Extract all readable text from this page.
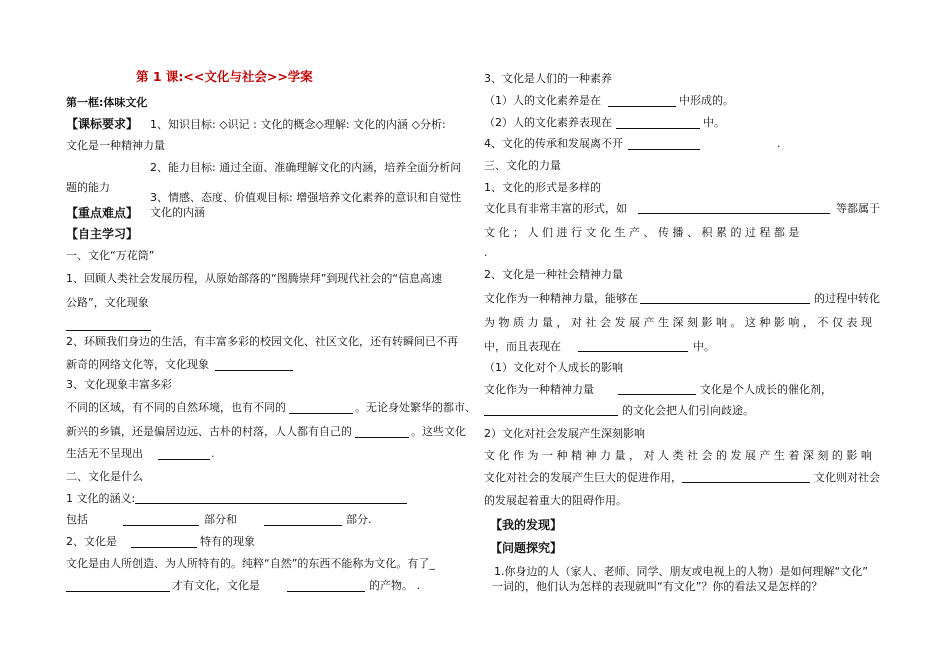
第 1 课:<<文化与社会>>学案
第一框:体味文化
【课标要求】 1、知识目标: ◇识记 : 文化的概念◇理解: 文化的内涵 ◇分析:
文化是一种精神力量
2、能力目标: 通过全面、准确理解文化的内涵，培养全面分析问
题的能力
3、情感、态度、价值观目标: 增强培养文化素养的意识和自觉性
【重点难点】 文化的内涵
【自主学习】
一、文化“万花筒”
1、回顾人类社会发展历程，从原始部落的“图腾崇拜”到现代社会的“信息高速
公路”，文化现象
2、环顾我们身边的生活，有丰富多彩的校园文化、社区文化，还有转瞬间已不再
新奇的网络文化等，文化现象
3、文化现象丰富多彩
不同的区域，有不同的自然环境，也有不同的	。无论身处繁华的都市、
新兴的乡镇，还是偏居边远、古朴的村落，人人都有自己的	。这些文化
生活无不呈现出	.
二、文化是什么
1 文化的涵义:
包括	部分和	部分.
2、文化是	特有的现象
文化是由人所创造、为人所特有的。纯粹“自然”的东西不能称为文化。有了_
才有文化，文化是	的产物。 .
3、文化是人们的一种素养
（1）人的文化素养是在	中形成的。
（2）人的文化素养表现在	中。
4、文化的传承和发展离不开	.
三、文化的力量
1、文化的形式是多样的
文化具有非常丰富的形式，如	等都属于
文 化 ； 人 们 进 行 文 化 生 产 、 传 播 、 积 累 的 过 程 都 是
.
2、文化是一种社会精神力量
文化作为一种精神力量，能够在	的过程中转化
为 物 质 力 量 ， 对 社 会 发 展 产 生 深 刻 影 响 。 这 种 影 响 ， 不 仅 表 现
中，而且表现在	中。
（1）文化对个人成长的影响
文化作为一种精神力量	文化是个人成长的催化剂，
的文化会把人们引向歧途。
2）文化对社会发展产生深刻影响
文 化 作 为 一 种 精 神 力 量 ， 对 人 类 社 会 的 发 展 产 生 着 深 刻 的 影 响
文化对社会的发展产生巨大的促进作用，	文化则对社会
的发展起着重大的阻碍作用。
【我的发现】
【问题探究】
1.你身边的人（家人、老师、同学、朋友或电视上的人物）是如何理解“文化”
一词的，他们认为怎样的表现就叫“有文化”？你的看法又是怎样的？
